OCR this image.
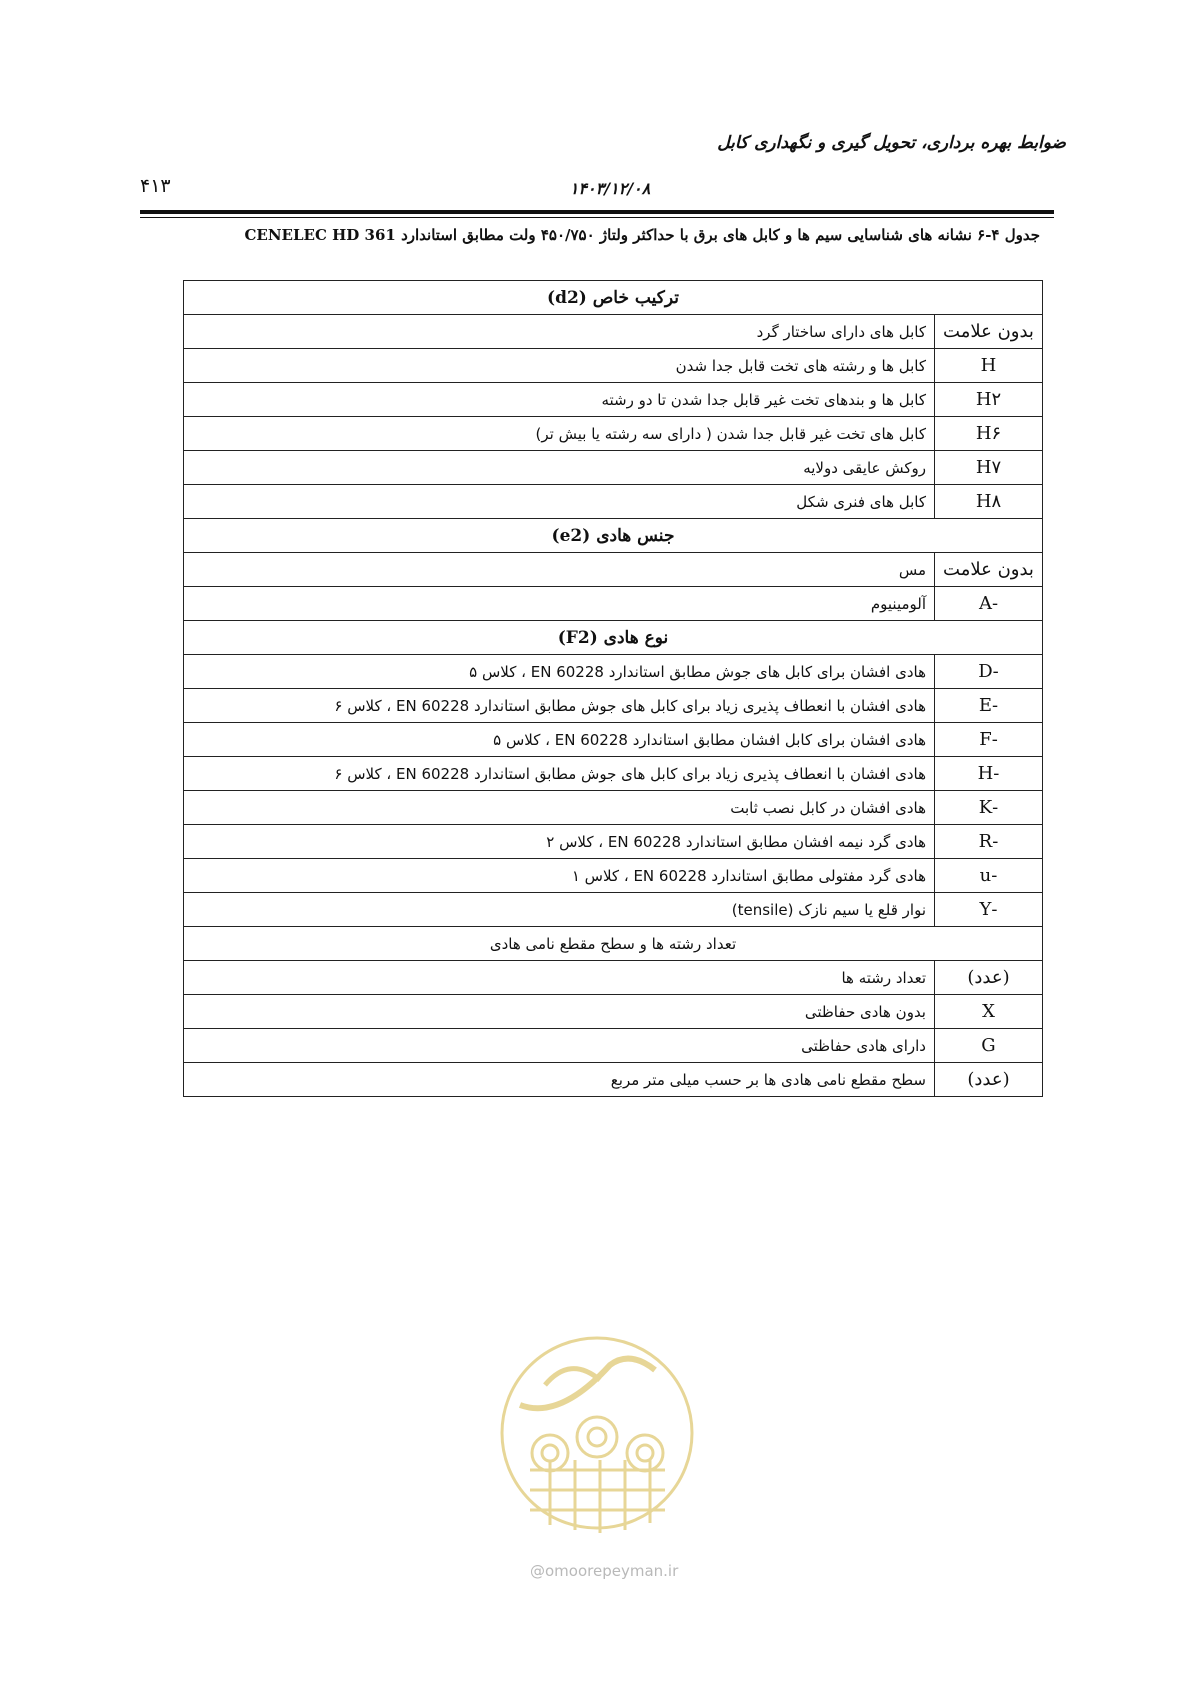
ضوابط بهره برداری، تحویل گیری و نگهداری کابل
۴۱۳	۱۴۰۳/۱۲/۰۸
جدول ۴-۶ نشانه های شناسایی سیم ها و کابل های برق با حداکثر ولتاژ ۴۵۰/۷۵۰ ولت مطابق استاندارد CENELEC HD 361
ترکیب خاص (d2)	
بدون علامت	کابل های دارای ساختار گرد
H	کابل ها و رشته های تخت قابل جدا شدن
H۲	کابل ها و بندهای تخت غیر قابل جدا شدن تا دو رشته
H۶	کابل های تخت غیر قابل جدا شدن ( دارای سه رشته یا بیش تر)
H۷	روکش عایقی دولایه
H۸	کابل های فنری شکل
جنس هادی (e2)	
بدون علامت	مس
-A	آلومینیوم
نوع هادی (F2)	
-D	هادی افشان برای کابل های جوش مطابق استاندارد EN 60228 ، کلاس ۵
-E	هادی افشان با انعطاف پذیری زیاد برای کابل های جوش مطابق استاندارد EN 60228 ، کلاس ۶
-F	هادی افشان برای کابل افشان مطابق استاندارد EN 60228 ، کلاس ۵
-H	هادی افشان با انعطاف پذیری زیاد برای کابل های جوش مطابق استاندارد EN 60228 ، کلاس ۶
-K	هادی افشان در کابل نصب ثابت
-R	هادی گرد نیمه افشان مطابق استاندارد EN 60228 ، کلاس ۲
-u	هادی گرد مفتولی مطابق استاندارد EN 60228 ، کلاس ۱
-Y	نوار قلع یا سیم نازک (tensile)
تعداد رشته ها و سطح مقطع نامی هادی	
(عدد)	تعداد رشته ها
X	بدون هادی حفاظتی
G	دارای هادی حفاظتی
(عدد)	سطح مقطع نامی هادی ها بر حسب میلی متر مربع
@omoorepeyman.ir
